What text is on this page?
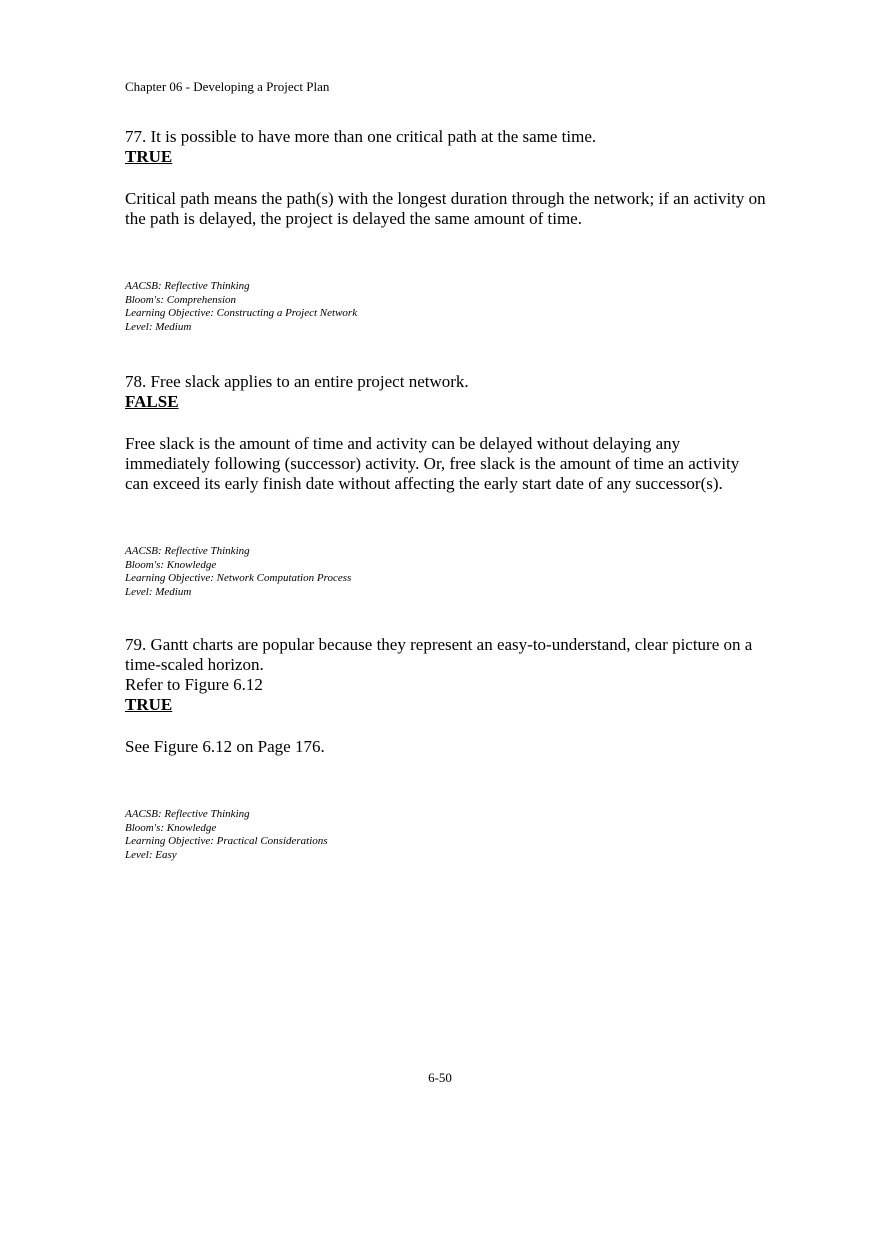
Chapter 06 - Developing a Project Plan

77. It is possible to have more than one critical path at the same time.

TRUE

Critical path means the path(s) with the longest duration through the network; if an activity on the path is delayed, the project is delayed the same amount of time.

AACSB: Reflective Thinking

Bloom's: Comprehension

Learning Objective: Constructing a Project Network

Level: Medium

78. Free slack applies to an entire project network.

FALSE

Free slack is the amount of time and activity can be delayed without delaying any

immediately following (successor) activity. Or, free slack is the amount of time an activity

can exceed its early finish date without affecting the early start date of any successor(s).

AACSB: Reflective Thinking

Bloom's: Knowledge

Learning Objective: Network Computation Process

Level: Medium

79. Gantt charts are popular because they represent an easy-to-understand, clear picture on a

time-scaled horizon.

Refer to Figure 6.12

TRUE

See Figure 6.12 on Page 176.

AACSB: Reflective Thinking

Bloom's: Knowledge

Learning Objective: Practical Considerations

Level: Easy

6-50
